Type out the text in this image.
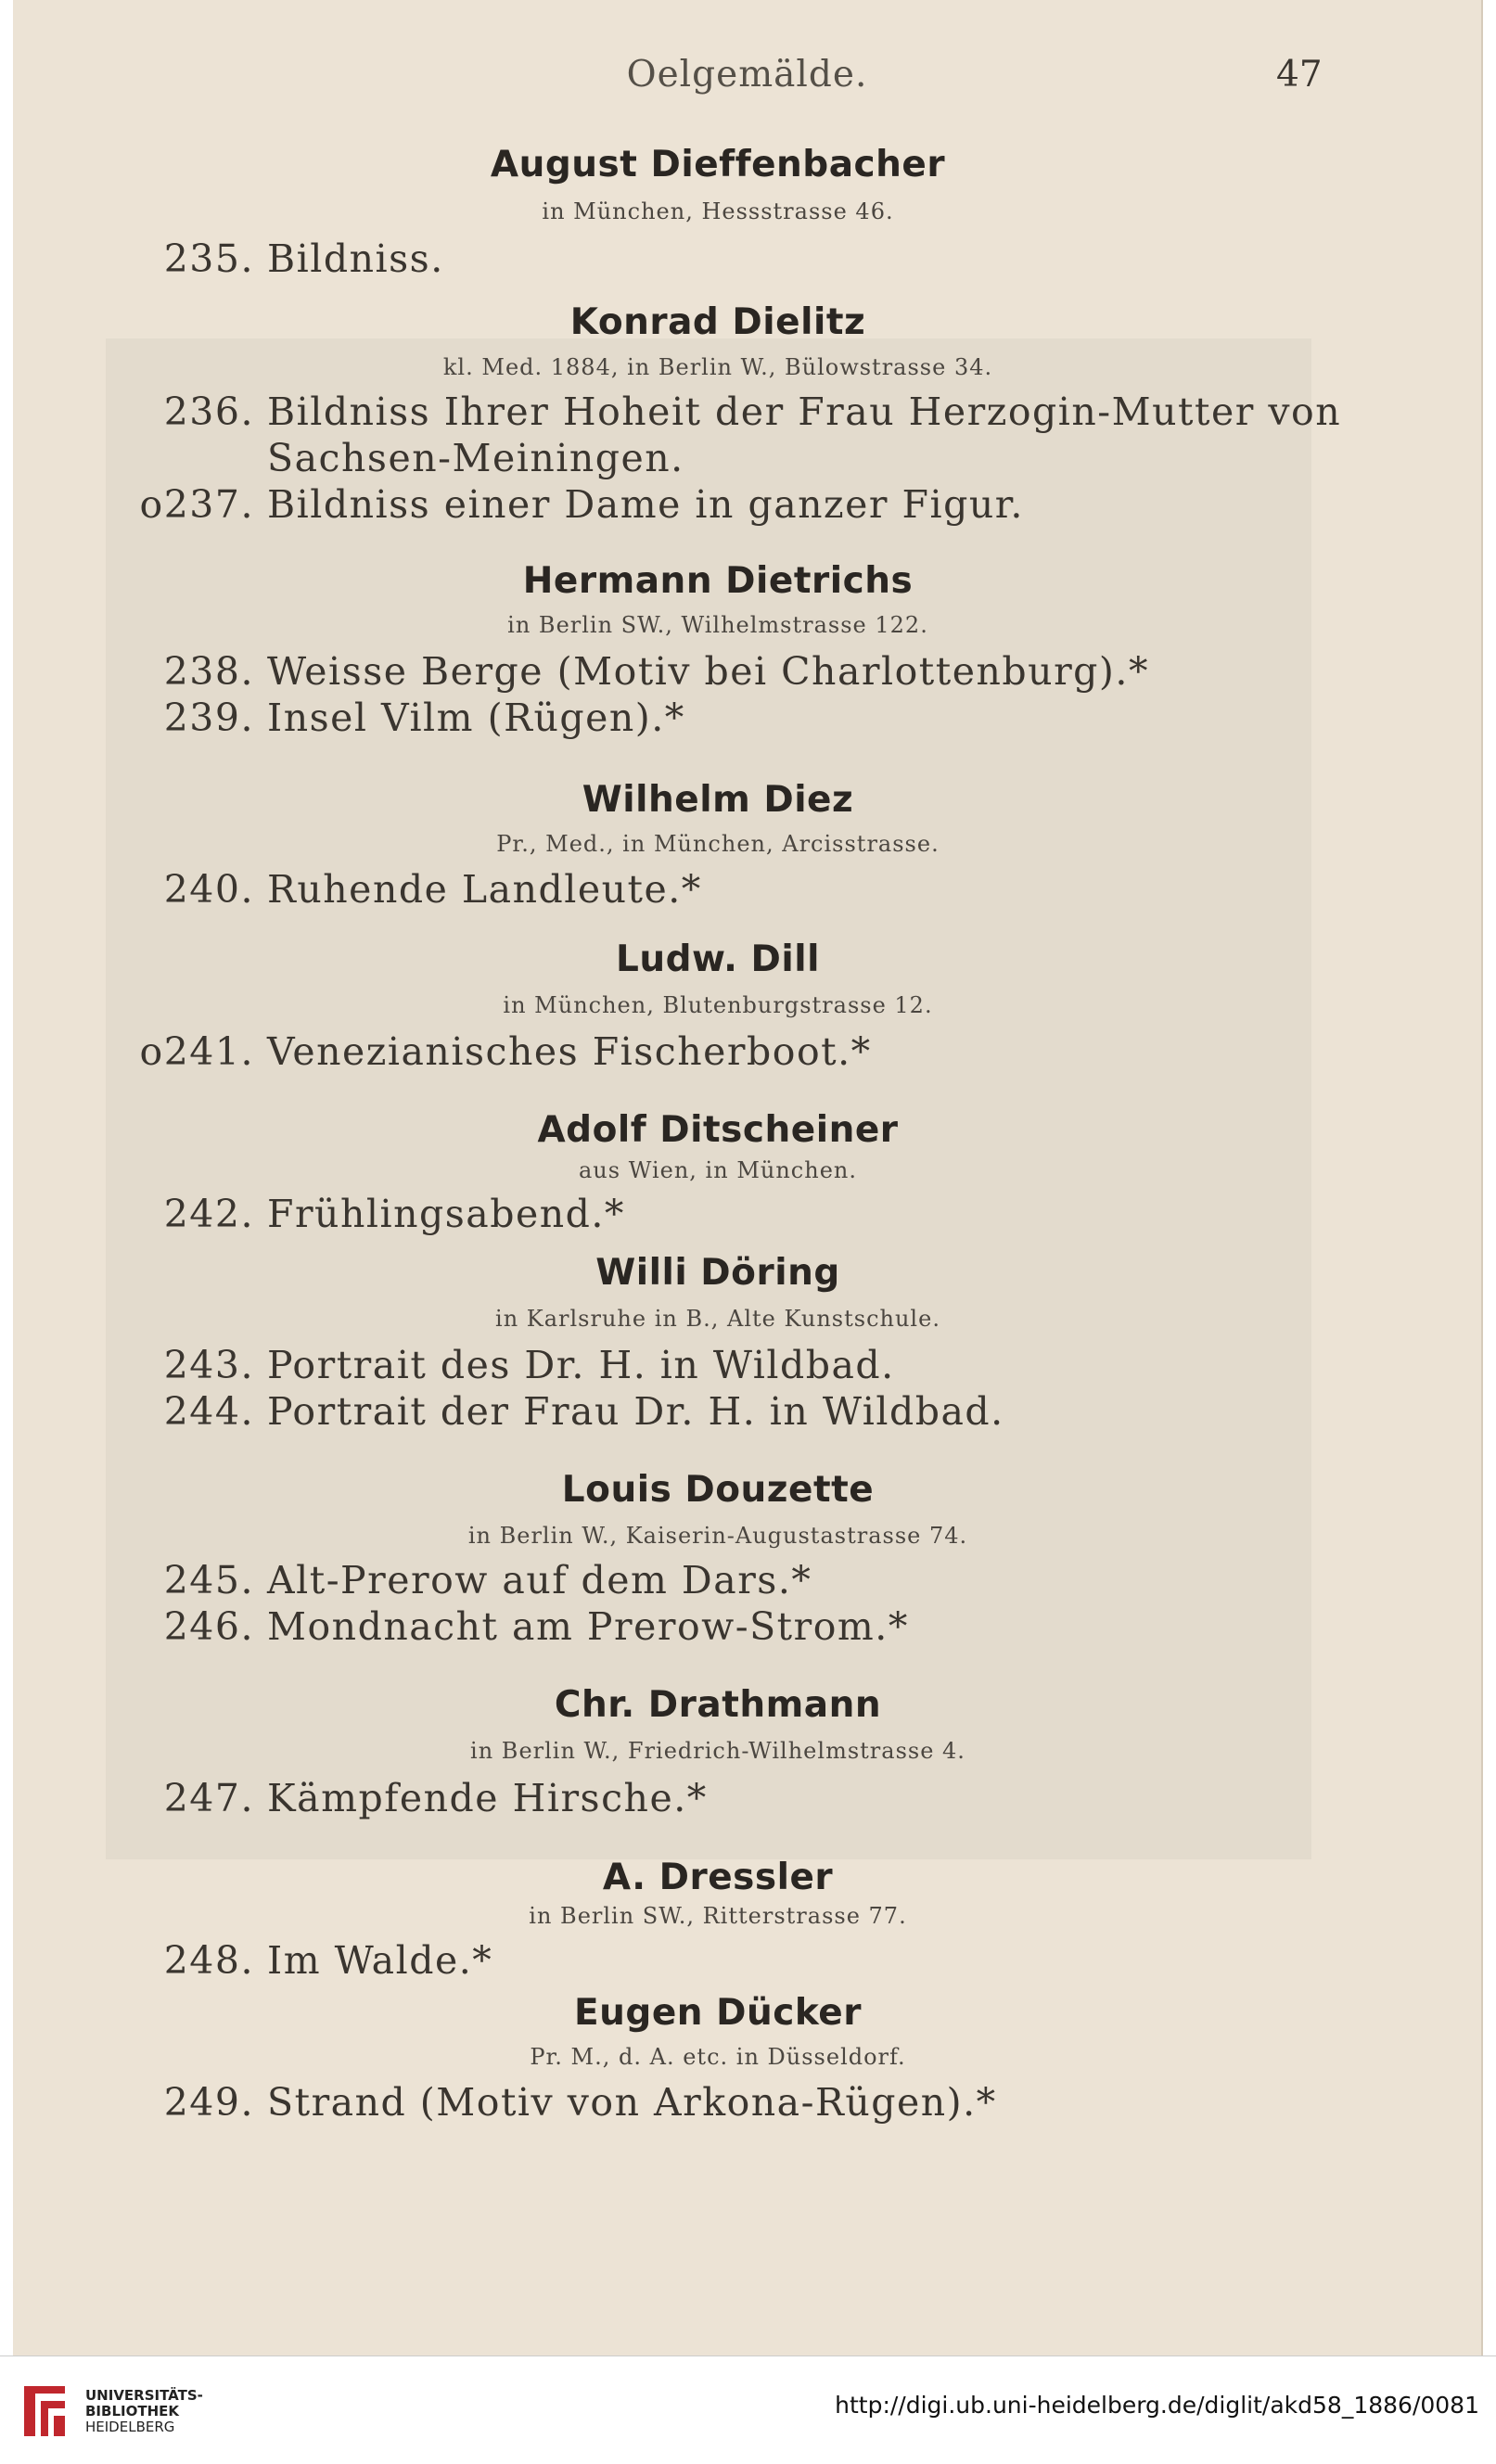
Oelgemälde.	47
August Dieffenbacher
in München, Hessstrasse 46.
235. Bildniss.
Konrad Dielitz
kl. Med. 1884, in Berlin W., Bülowstrasse 34.
236. Bildniss Ihrer Hoheit der Frau Herzogin-Mutter von
Sachsen-Meiningen.
o237. Bildniss einer Dame in ganzer Figur.
Hermann Dietrichs
in Berlin SW., Wilhelmstrasse 122.
238. Weisse Berge (Motiv bei Charlottenburg).*
239. Insel Vilm (Rügen).*
Wilhelm Diez
Pr., Med., in München, Arcisstrasse.
240. Ruhende Landleute.*
Ludw. Dill
in München, Blutenburgstrasse 12.
o241. Venezianisches Fischerboot.*
Adolf Ditscheiner
aus Wien, in München.
242. Frühlingsabend.*
Willi Döring
in Karlsruhe in B., Alte Kunstschule.
243. Portrait des Dr. H. in Wildbad.
244. Portrait der Frau Dr. H. in Wildbad.
Louis Douzette
in Berlin W., Kaiserin-Augustastrasse 74.
245. Alt-Prerow auf dem Dars.*
246. Mondnacht am Prerow-Strom.*
Chr. Drathmann
in Berlin W., Friedrich-Wilhelmstrasse 4.
247. Kämpfende Hirsche.*
A. Dressler
in Berlin SW., Ritterstrasse 77.
248. Im Walde.*
Eugen Dücker
Pr. M., d. A. etc. in Düsseldorf.
249. Strand (Motiv von Arkona-Rügen).*
UNIVERSITÄTS-
BIBLIOTHEK
HEIDELBERG
http://digi.ub.uni-heidelberg.de/diglit/akd58_1886/0081
